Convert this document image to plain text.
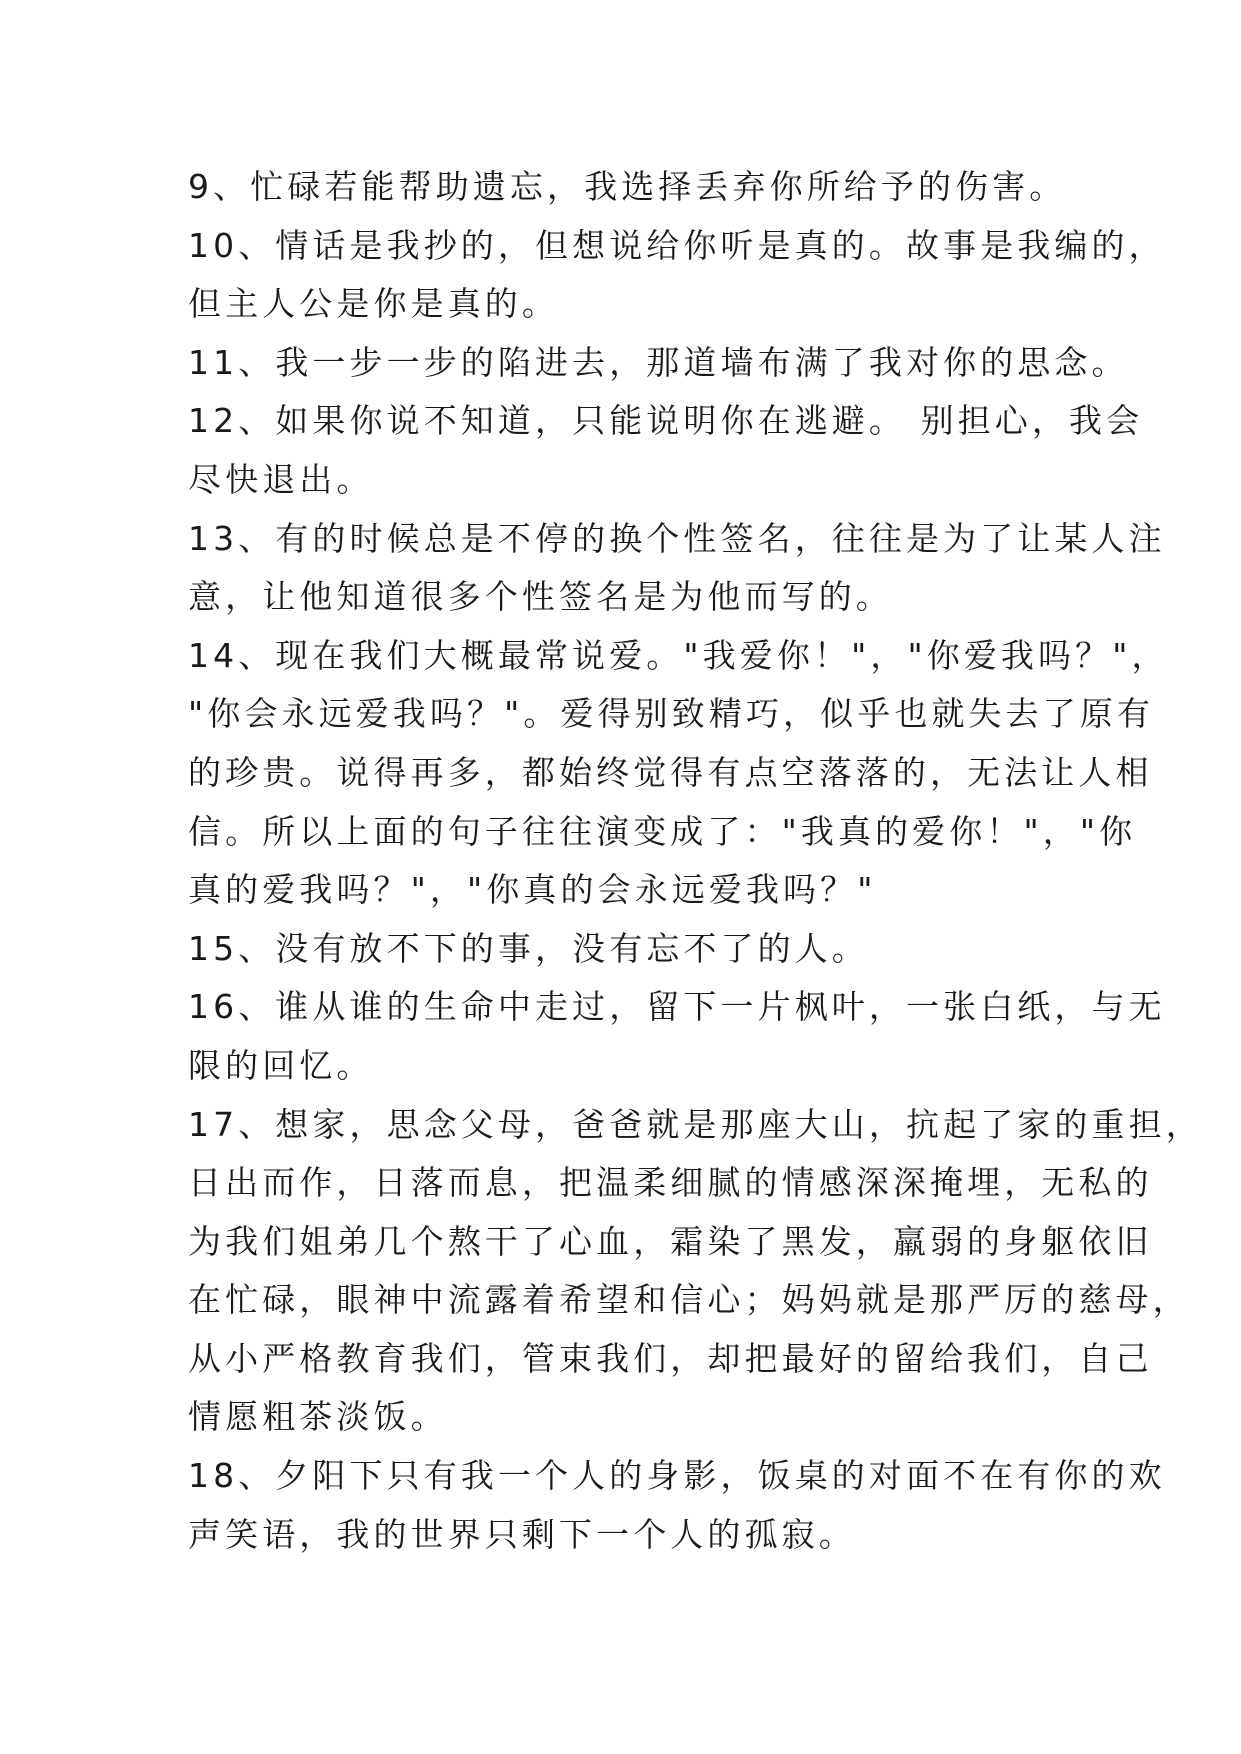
9、忙碌若能帮助遗忘，我选择丢弃你所给予的伤害。
10、情话是我抄的，但想说给你听是真的。故事是我编的，
但主人公是你是真的。
11、我一步一步的陷进去，那道墙布满了我对你的思念。
12、如果你说不知道，只能说明你在逃避。 别担心，我会
尽快退出。
13、有的时候总是不停的换个性签名，往往是为了让某人注
意，让他知道很多个性签名是为他而写的。
14、现在我们大概最常说爱。"我爱你！"，"你爱我吗？"，
"你会永远爱我吗？"。爱得别致精巧，似乎也就失去了原有
的珍贵。说得再多，都始终觉得有点空落落的，无法让人相
信。所以上面的句子往往演变成了："我真的爱你！"，"你
真的爱我吗？"，"你真的会永远爱我吗？"
15、没有放不下的事，没有忘不了的人。
16、谁从谁的生命中走过，留下一片枫叶，一张白纸，与无
限的回忆。
17、想家，思念父母，爸爸就是那座大山，抗起了家的重担，
日出而作，日落而息，把温柔细腻的情感深深掩埋，无私的
为我们姐弟几个熬干了心血，霜染了黑发，羸弱的身躯依旧
在忙碌，眼神中流露着希望和信心；妈妈就是那严厉的慈母，
从小严格教育我们，管束我们，却把最好的留给我们，自己
情愿粗茶淡饭。
18、夕阳下只有我一个人的身影，饭桌的对面不在有你的欢
声笑语，我的世界只剩下一个人的孤寂。
